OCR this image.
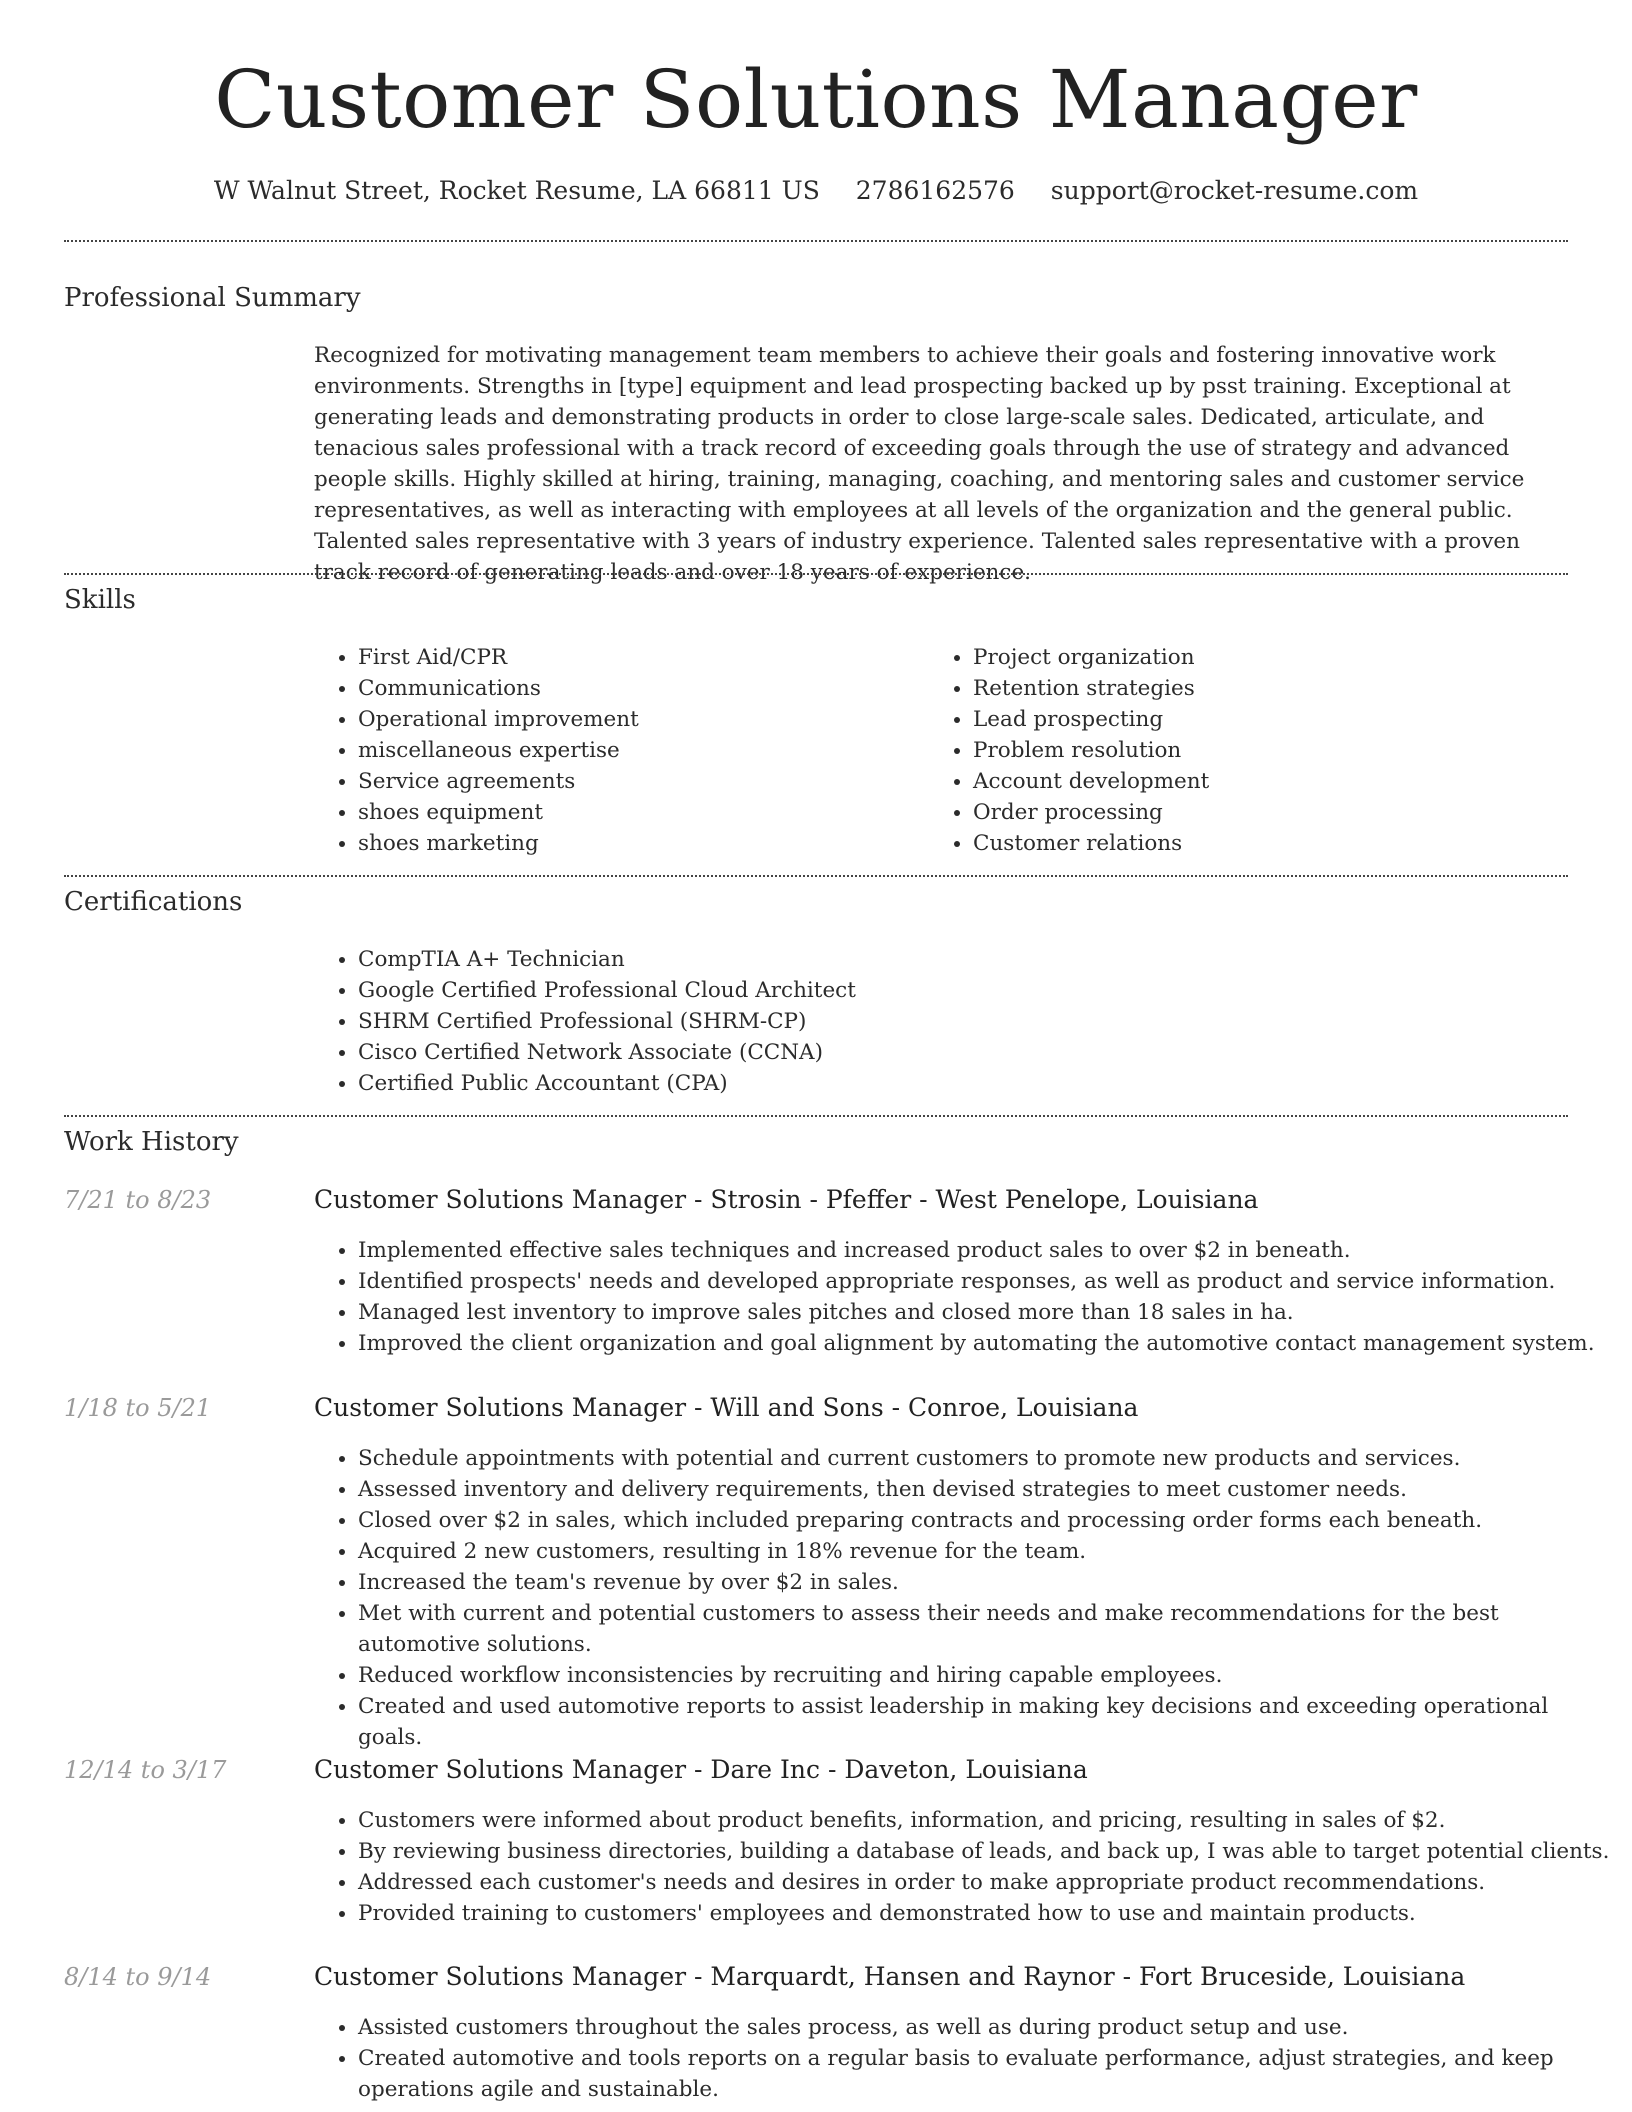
Customer Solutions Manager
W Walnut Street, Rocket Resume, LA 66811 US 2786162576 support@rocket-resume.com
Professional Summary

Recognized for motivating management team members to achieve their goals and fostering innovative work environments. Strengths in [type] equipment and lead prospecting backed up by psst training. Exceptional at generating leads and demonstrating products in order to close large-scale sales. Dedicated, articulate, and tenacious sales professional with a track record of exceeding goals through the use of strategy and advanced people skills. Highly skilled at hiring, training, managing, coaching, and mentoring sales and customer service representatives, as well as interacting with employees at all levels of the organization and the general public. Talented sales representative with 3 years of industry experience. Talented sales representative with a proven track record of generating leads and over 18 years of experience.

Skills
• First Aid/CPR
• Communications
• Operational improvement
• miscellaneous expertise
• Service agreements
• shoes equipment
• shoes marketing
• Project organization
• Retention strategies
• Lead prospecting
• Problem resolution
• Account development
• Order processing
• Customer relations
Certifications
• CompTIA A+ Technician
• Google Certified Professional Cloud Architect
• SHRM Certified Professional (SHRM-CP)
• Cisco Certified Network Associate (CCNA)
• Certified Public Accountant (CPA)
Work History
7/21 to 8/23	Customer Solutions Manager - Strosin - Pfeffer - West Penelope, Louisiana
• Implemented effective sales techniques and increased product sales to over $2 in beneath.
• Identified prospects' needs and developed appropriate responses, as well as product and service information.
• Managed lest inventory to improve sales pitches and closed more than 18 sales in ha.
• Improved the client organization and goal alignment by automating the automotive contact management system.
1/18 to 5/21	Customer Solutions Manager - Will and Sons - Conroe, Louisiana
• Schedule appointments with potential and current customers to promote new products and services.
• Assessed inventory and delivery requirements, then devised strategies to meet customer needs.
• Closed over $2 in sales, which included preparing contracts and processing order forms each beneath.
• Acquired 2 new customers, resulting in 18% revenue for the team.
• Increased the team's revenue by over $2 in sales.
• Met with current and potential customers to assess their needs and make recommendations for the best automotive solutions.
• Reduced workflow inconsistencies by recruiting and hiring capable employees.
• Created and used automotive reports to assist leadership in making key decisions and exceeding operational goals.
12/14 to 3/17	Customer Solutions Manager - Dare Inc - Daveton, Louisiana
• Customers were informed about product benefits, information, and pricing, resulting in sales of $2.
• By reviewing business directories, building a database of leads, and back up, I was able to target potential clients.
• Addressed each customer's needs and desires in order to make appropriate product recommendations.
• Provided training to customers' employees and demonstrated how to use and maintain products.
8/14 to 9/14	Customer Solutions Manager - Marquardt, Hansen and Raynor - Fort Bruceside, Louisiana
• Assisted customers throughout the sales process, as well as during product setup and use.
• Created automotive and tools reports on a regular basis to evaluate performance, adjust strategies, and keep operations agile and sustainable.
